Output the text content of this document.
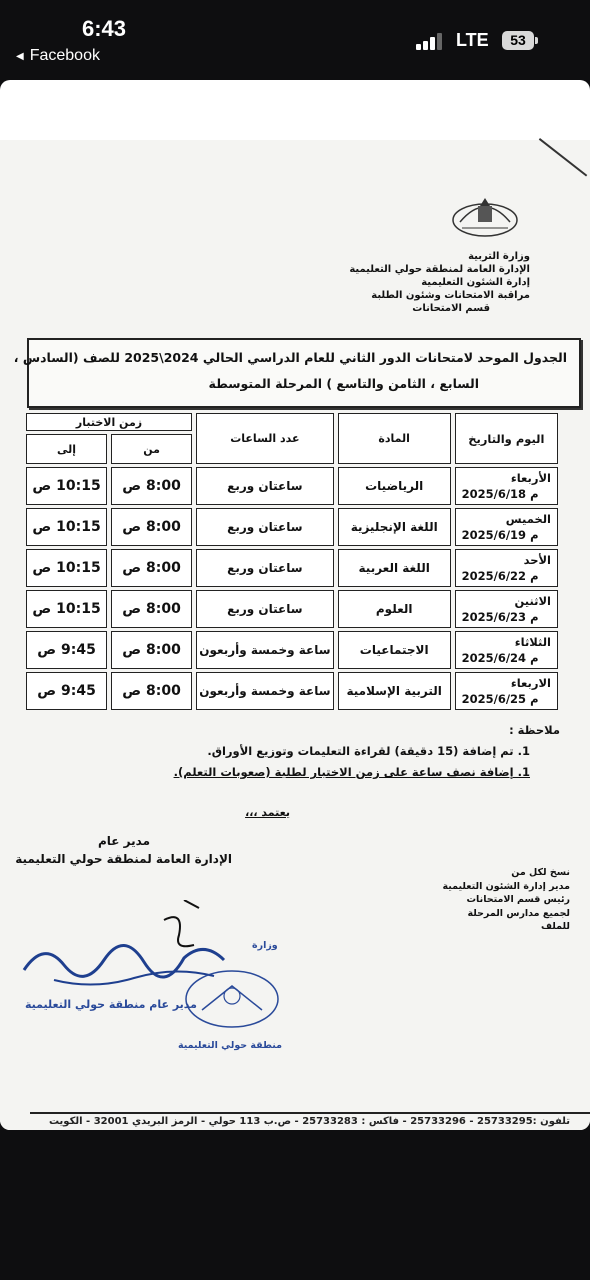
6:43
◀ Facebook
LTE	53
وزارة التربية
الإدارة العامة لمنطقة حولي التعليمية
إدارة الشئون التعليمية
مراقبة الامتحانات وشئون الطلبة
قسم الامتحانات
الجدول الموحد لامتحانات الدور الثاني للعام الدراسي الحالي 2024\2025 للصف (السادس ،
السابع ، الثامن والتاسع ) المرحلة المتوسطة
اليوم والتاريخ	المادة	عدد الساعات	زمن الاختبار	
			من	إلى
الأربعاء
2025/6/18 م	الرياضيات	ساعتان وربع	8:00 ص	10:15 ص
الخميس
2025/6/19 م	اللغة الإنجليزية	ساعتان وربع	8:00 ص	10:15 ص
الأحد
2025/6/22 م	اللغة العربية	ساعتان وربع	8:00 ص	10:15 ص
الاثنين
2025/6/23 م	العلوم	ساعتان وربع	8:00 ص	10:15 ص
الثلاثاء
2025/6/24 م	الاجتماعيات	ساعة وخمسة وأربعون	8:00 ص	9:45 ص
الاربعاء
2025/6/25 م	التربية الإسلامية	ساعة وخمسة وأربعون	8:00 ص	9:45 ص
ملاحظة :
1. تم إضافة (15 دقيقة) لقراءة التعليمات وتوزيع الأوراق.
1. إضافة نصف ساعة على زمن الاختبار لطلبة (صعوبات التعلم).
يعتمد ،،،
مدير عام
الإدارة العامة لمنطقة حولي التعليمية
مدير عام منطقة حولي التعليمية
وزارة
منطقة حولي التعليمية
نسخ لكل من
مدير إدارة الشئون التعليمية
رئيس قسم الامتحانات
لجميع مدارس المرحلة
للملف
تلفون :25733295 - 25733296 - فاكس : 25733283 - ص.ب 113 حولي - الرمز البريدي 32001 - الكويت
